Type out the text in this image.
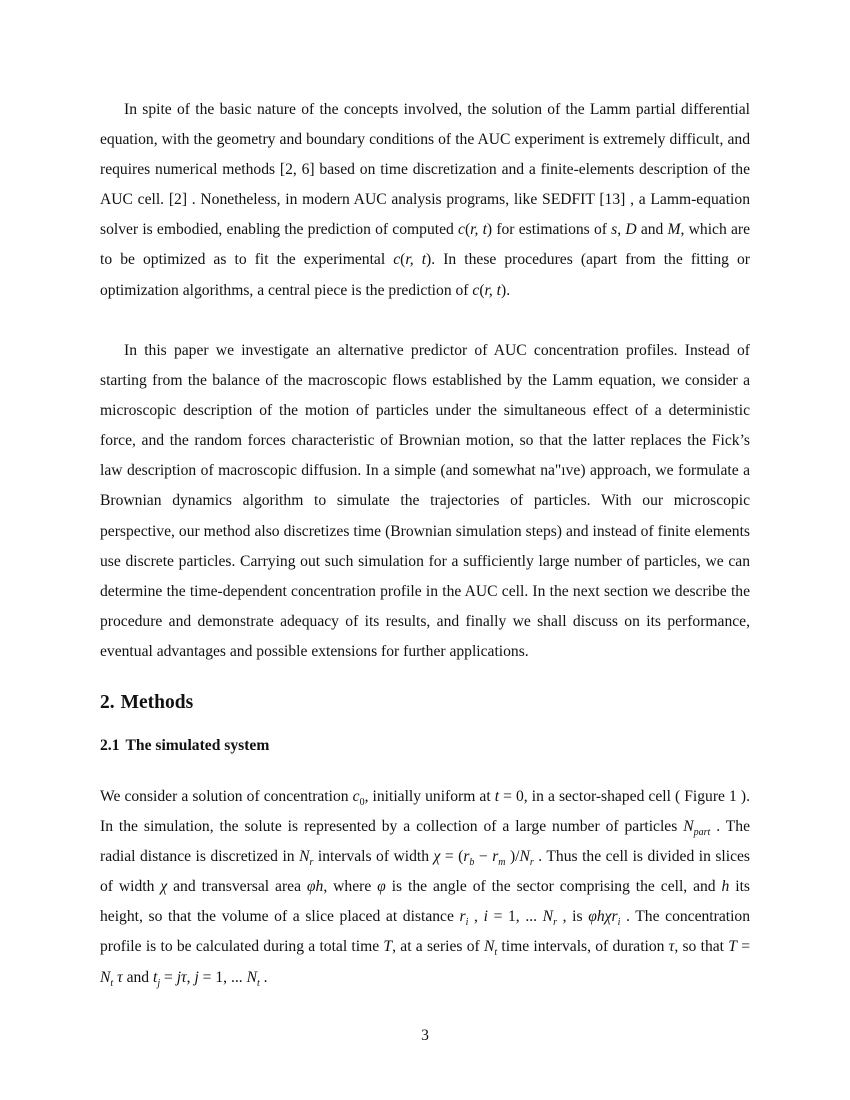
In spite of the basic nature of the concepts involved, the solution of the Lamm partial differential equation, with the geometry and boundary conditions of the AUC experiment is extremely difficult, and requires numerical methods [2, 6] based on time discretization and a finite-elements description of the AUC cell. [2] . Nonetheless, in modern AUC analysis programs, like SEDFIT [13] , a Lamm-equation solver is embodied, enabling the prediction of computed c(r, t) for estimations of s, D and M, which are to be optimized as to fit the experimental c(r, t). In these procedures (apart from the fitting or optimization algorithms, a central piece is the prediction of c(r, t).

In this paper we investigate an alternative predictor of AUC concentration profiles. Instead of starting from the balance of the macroscopic flows established by the Lamm equation, we consider a microscopic description of the motion of particles under the simultaneous effect of a deterministic force, and the random forces characteristic of Brownian motion, so that the latter replaces the Fick’s law description of macroscopic diffusion. In a simple (and somewhat na"ıve) approach, we formulate a Brownian dynamics algorithm to simulate the trajectories of particles. With our microscopic perspective, our method also discretizes time (Brownian simulation steps) and instead of finite elements use discrete particles. Carrying out such simulation for a sufficiently large number of particles, we can determine the time-dependent concentration profile in the AUC cell. In the next section we describe the procedure and demonstrate adequacy of its results, and finally we shall discuss on its performance, eventual advantages and possible extensions for further applications.

2. Methods
2.1 The simulated system

We consider a solution of concentration $c_0$, initially uniform at t = 0, in a sector-shaped cell ( Figure 1 ). In the simulation, the solute is represented by a collection of a large number of particles $N_{part}$ . The radial distance is discretized in $N_r$ intervals of width $\chi = (r_b - r_m$ )$/N_r$ . Thus the cell is divided in slices of width χ and transversal area φh, where φ is the angle of the sector comprising the cell, and h its height, so that the volume of a slice placed at distance $r_i$ , i = 1, ... $N_r$ , is φhχr$_i$ . The concentration profile is to be calculated during a total time T, at a series of $N_t$ time intervals, of duration τ, so that $T = N_t$ τ and $t_j = j\tau$, j = 1, ... $N_t$ .

3
